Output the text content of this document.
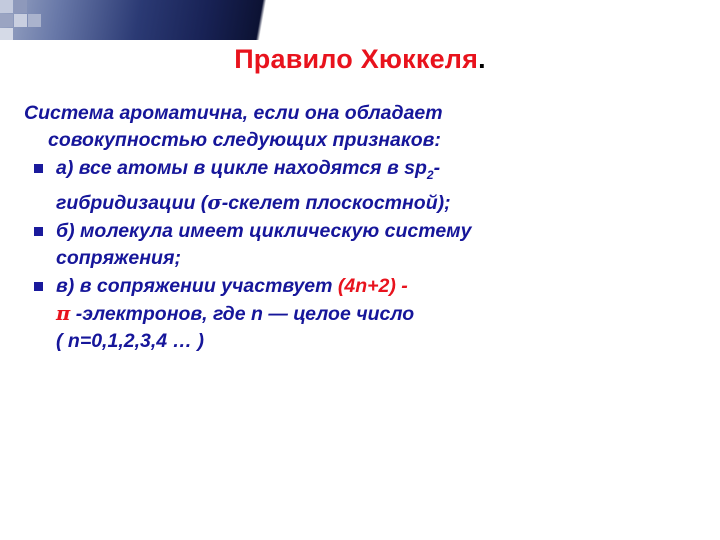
Правило Хюккеля.
Система ароматична, если она обладает
совокупностью следующих признаков:
а) все атомы в цикле находятся в $sp_2-$
гибридизации (σ-скелет плоскостной);
б) молекула имеет циклическую систему
сопряжения;
в) в сопряжении участвует (4n+2) -
π -электронов, где n — целое число
( n=0,1,2,3,4 … )
